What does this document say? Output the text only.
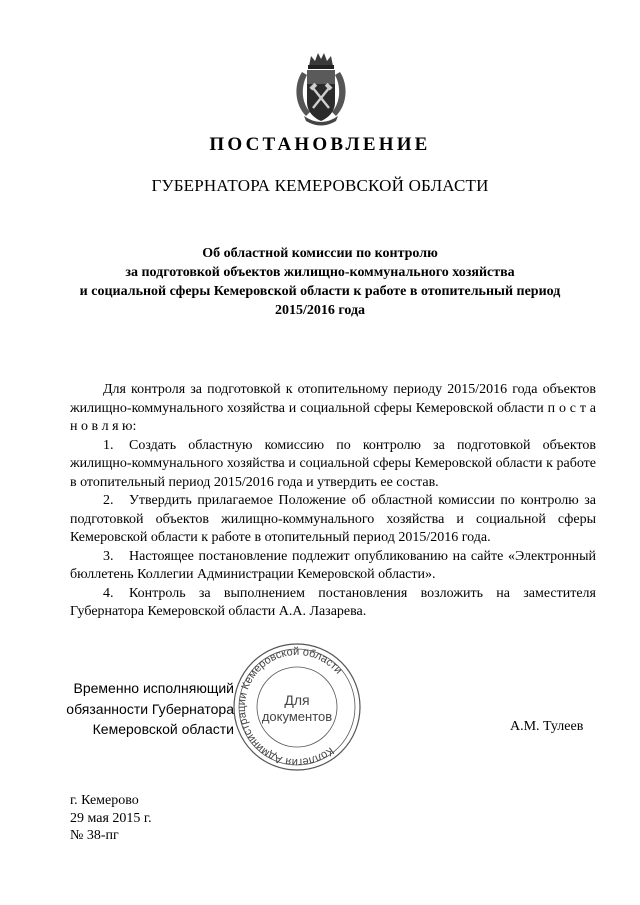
ПОСТАНОВЛЕНИЕ
ГУБЕРНАТОРА КЕМЕРОВСКОЙ ОБЛАСТИ
Об областной комиссии по контролю
за подготовкой объектов жилищно-коммунального хозяйства
и социальной сферы Кемеровской области к работе в отопительный период
2015/2016 года

Для контроля за подготовкой к отопительному периоду 2015/2016 года объектов жилищно-коммунального хозяйства и социальной сферы Кемеровской области п о с т а н о в л я ю:

1. Создать областную комиссию по контролю за подготовкой объектов жилищно-коммунального хозяйства и социальной сферы Кемеровской области к работе в отопительный период 2015/2016 года и утвердить ее состав.

2. Утвердить прилагаемое Положение об областной комиссии по контролю за подготовкой объектов жилищно-коммунального хозяйства и социальной сферы Кемеровской области к работе в отопительный период 2015/2016 года.

3. Настоящее постановление подлежит опубликованию на сайте «Электронный бюллетень Коллегии Администрации Кемеровской области».

4. Контроль за выполнением постановления возложить на заместителя Губернатора Кемеровской области А.А. Лазарева.

Временно исполняющий
обязанности Губернатора
Кемеровской области
Коллегия Администрации Кемеровской области
Для
документов
А.М. Тулеев
г. Кемерово
29 мая 2015 г.
№ 38-пг
